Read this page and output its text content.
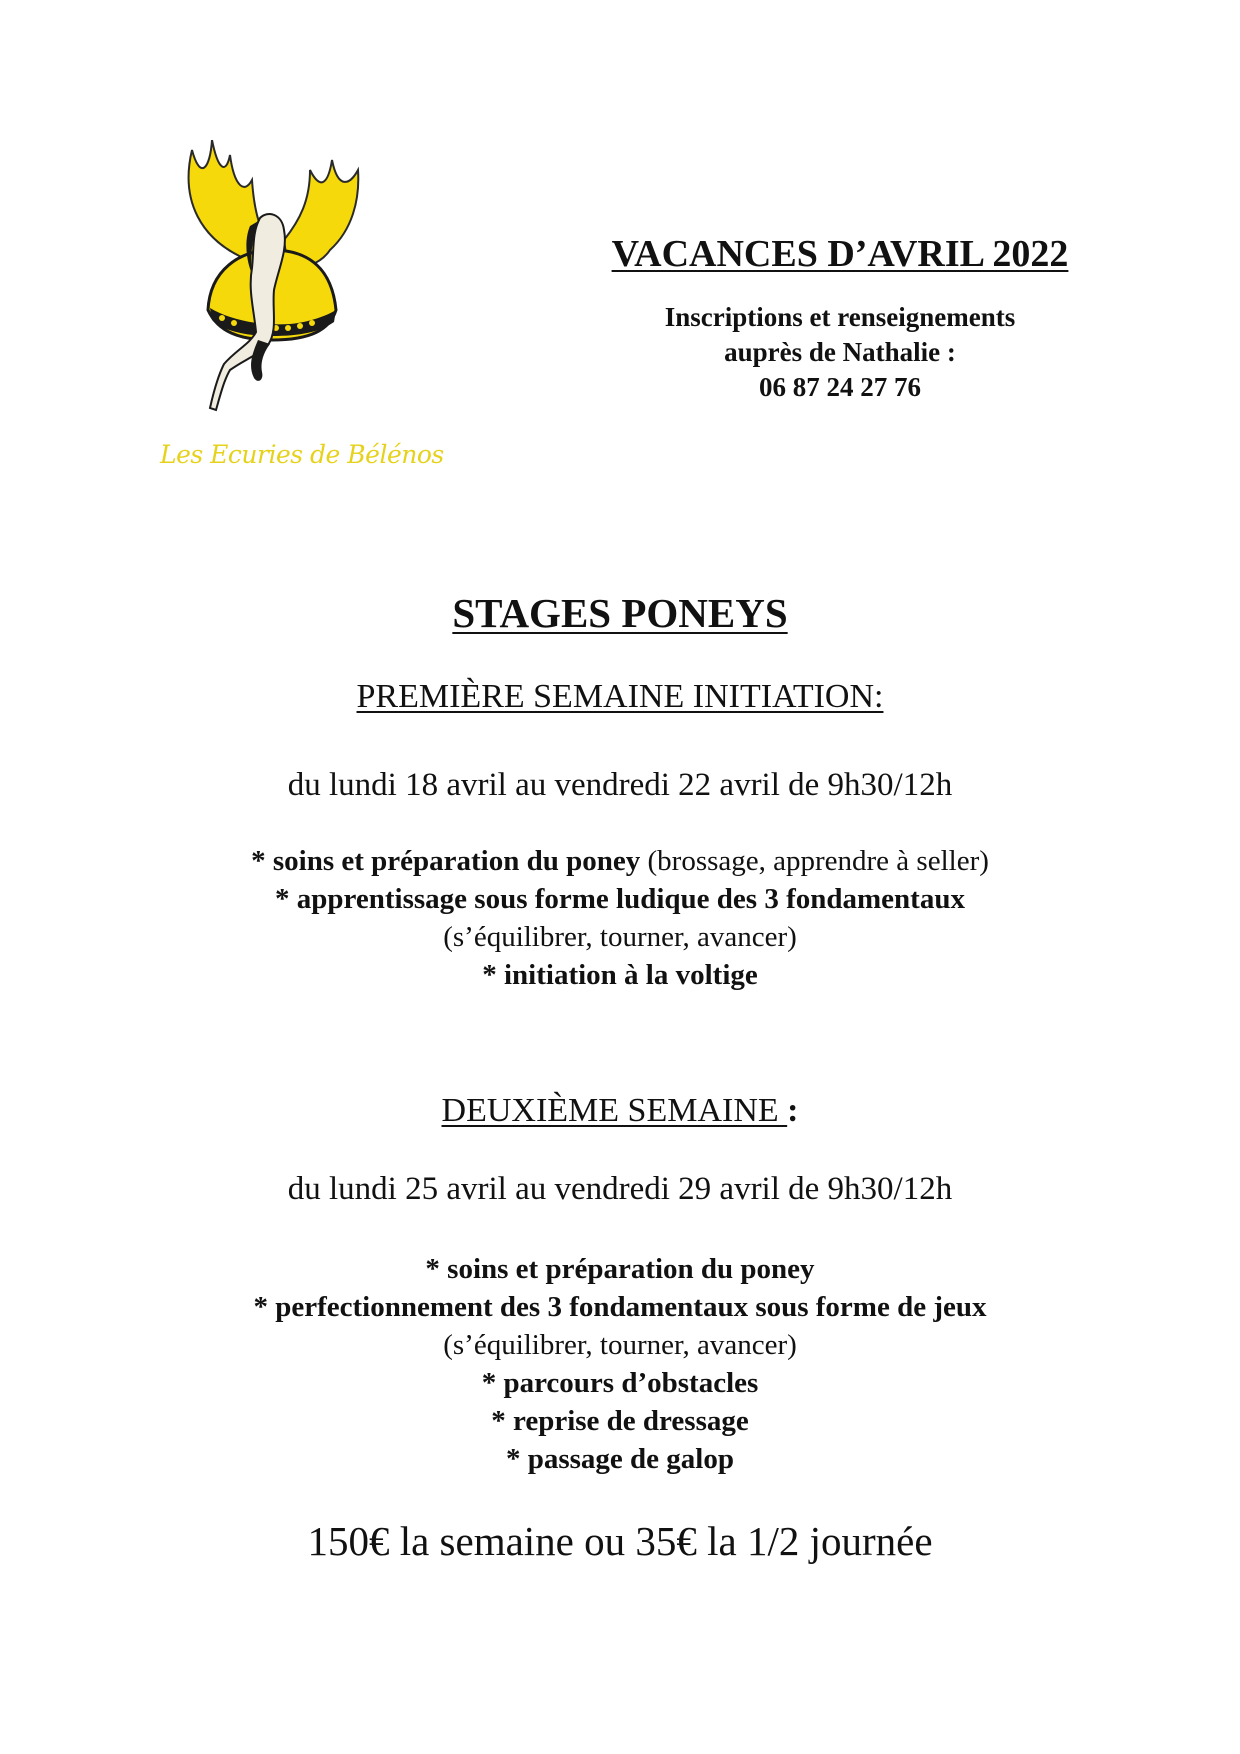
Les Ecuries de Bélénos
VACANCES D’AVRIL 2022
Inscriptions et renseignements
auprès de Nathalie :
06 87 24 27 76
STAGES PONEYS

PREMIÈRE SEMAINE INITIATION:

du lundi 18 avril au vendredi 22 avril de 9h30/12h

* soins et préparation du poney (brossage, apprendre à seller)
* apprentissage sous forme ludique des 3 fondamentaux
(s’équilibrer, tourner, avancer)
* initiation à la voltige

DEUXIÈME SEMAINE :

du lundi 25 avril au vendredi 29 avril de 9h30/12h

* soins et préparation du poney
* perfectionnement des 3 fondamentaux sous forme de jeux
(s’équilibrer, tourner, avancer)
* parcours d’obstacles
* reprise de dressage
* passage de galop

150€ la semaine ou 35€ la 1/2 journée
